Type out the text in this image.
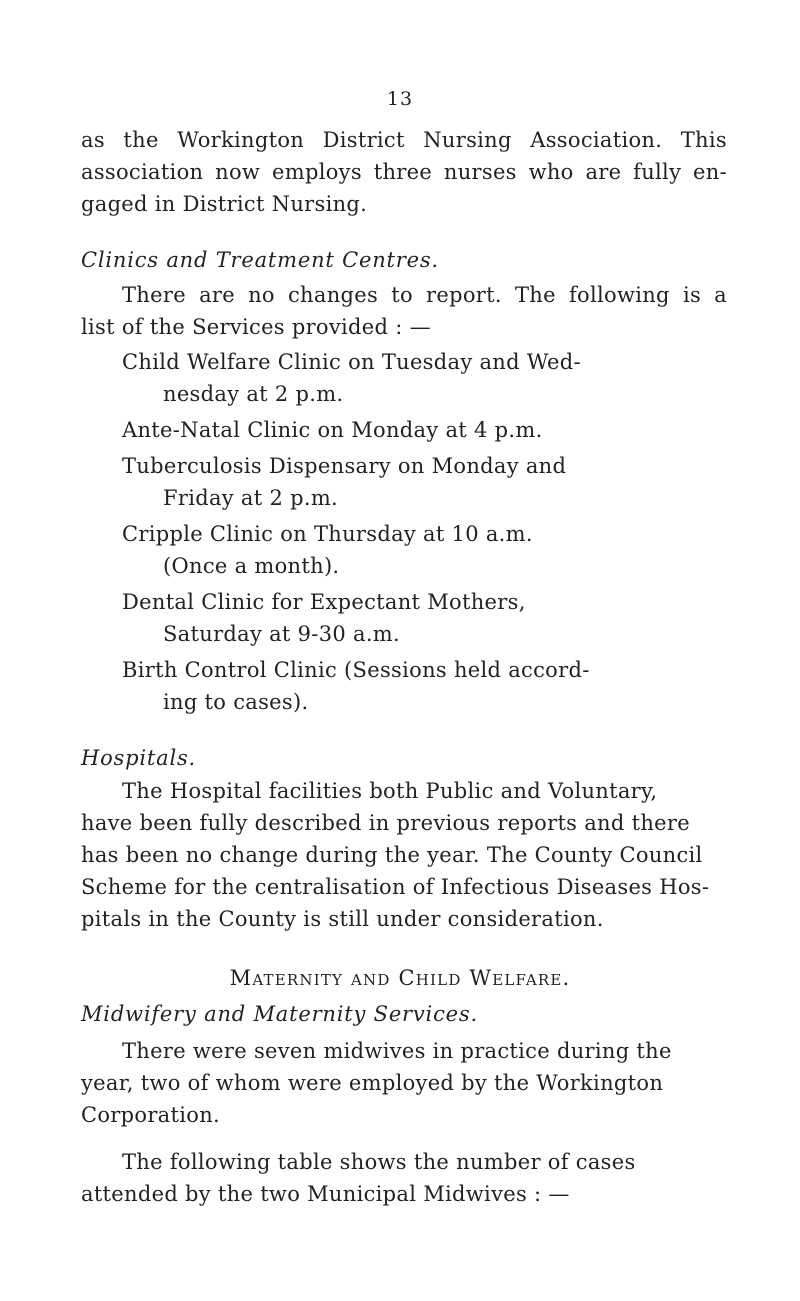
13
as the Workington District Nursing Association. This
association now employs three nurses who are fully en-
gaged in District Nursing.
Clinics and Treatment Centres.
There are no changes to report. The following is a
list of the Services provided : —
Child Welfare Clinic on Tuesday and Wed-
nesday at 2 p.m.
Ante-Natal Clinic on Monday at 4 p.m.
Tuberculosis Dispensary on Monday and
Friday at 2 p.m.
Cripple Clinic on Thursday at 10 a.m.
(Once a month).
Dental Clinic for Expectant Mothers,
Saturday at 9-30 a.m.
Birth Control Clinic (Sessions held accord-
ing to cases).
Hospitals.
The Hospital facilities both Public and Voluntary,
have been fully described in previous reports and there
has been no change during the year. The County Council
Scheme for the centralisation of Infectious Diseases Hos-
pitals in the County is still under consideration.
Maternity and Child Welfare.
Midwifery and Maternity Services.
There were seven midwives in practice during the
year, two of whom were employed by the Workington
Corporation.
The following table shows the number of cases
attended by the two Municipal Midwives : —
